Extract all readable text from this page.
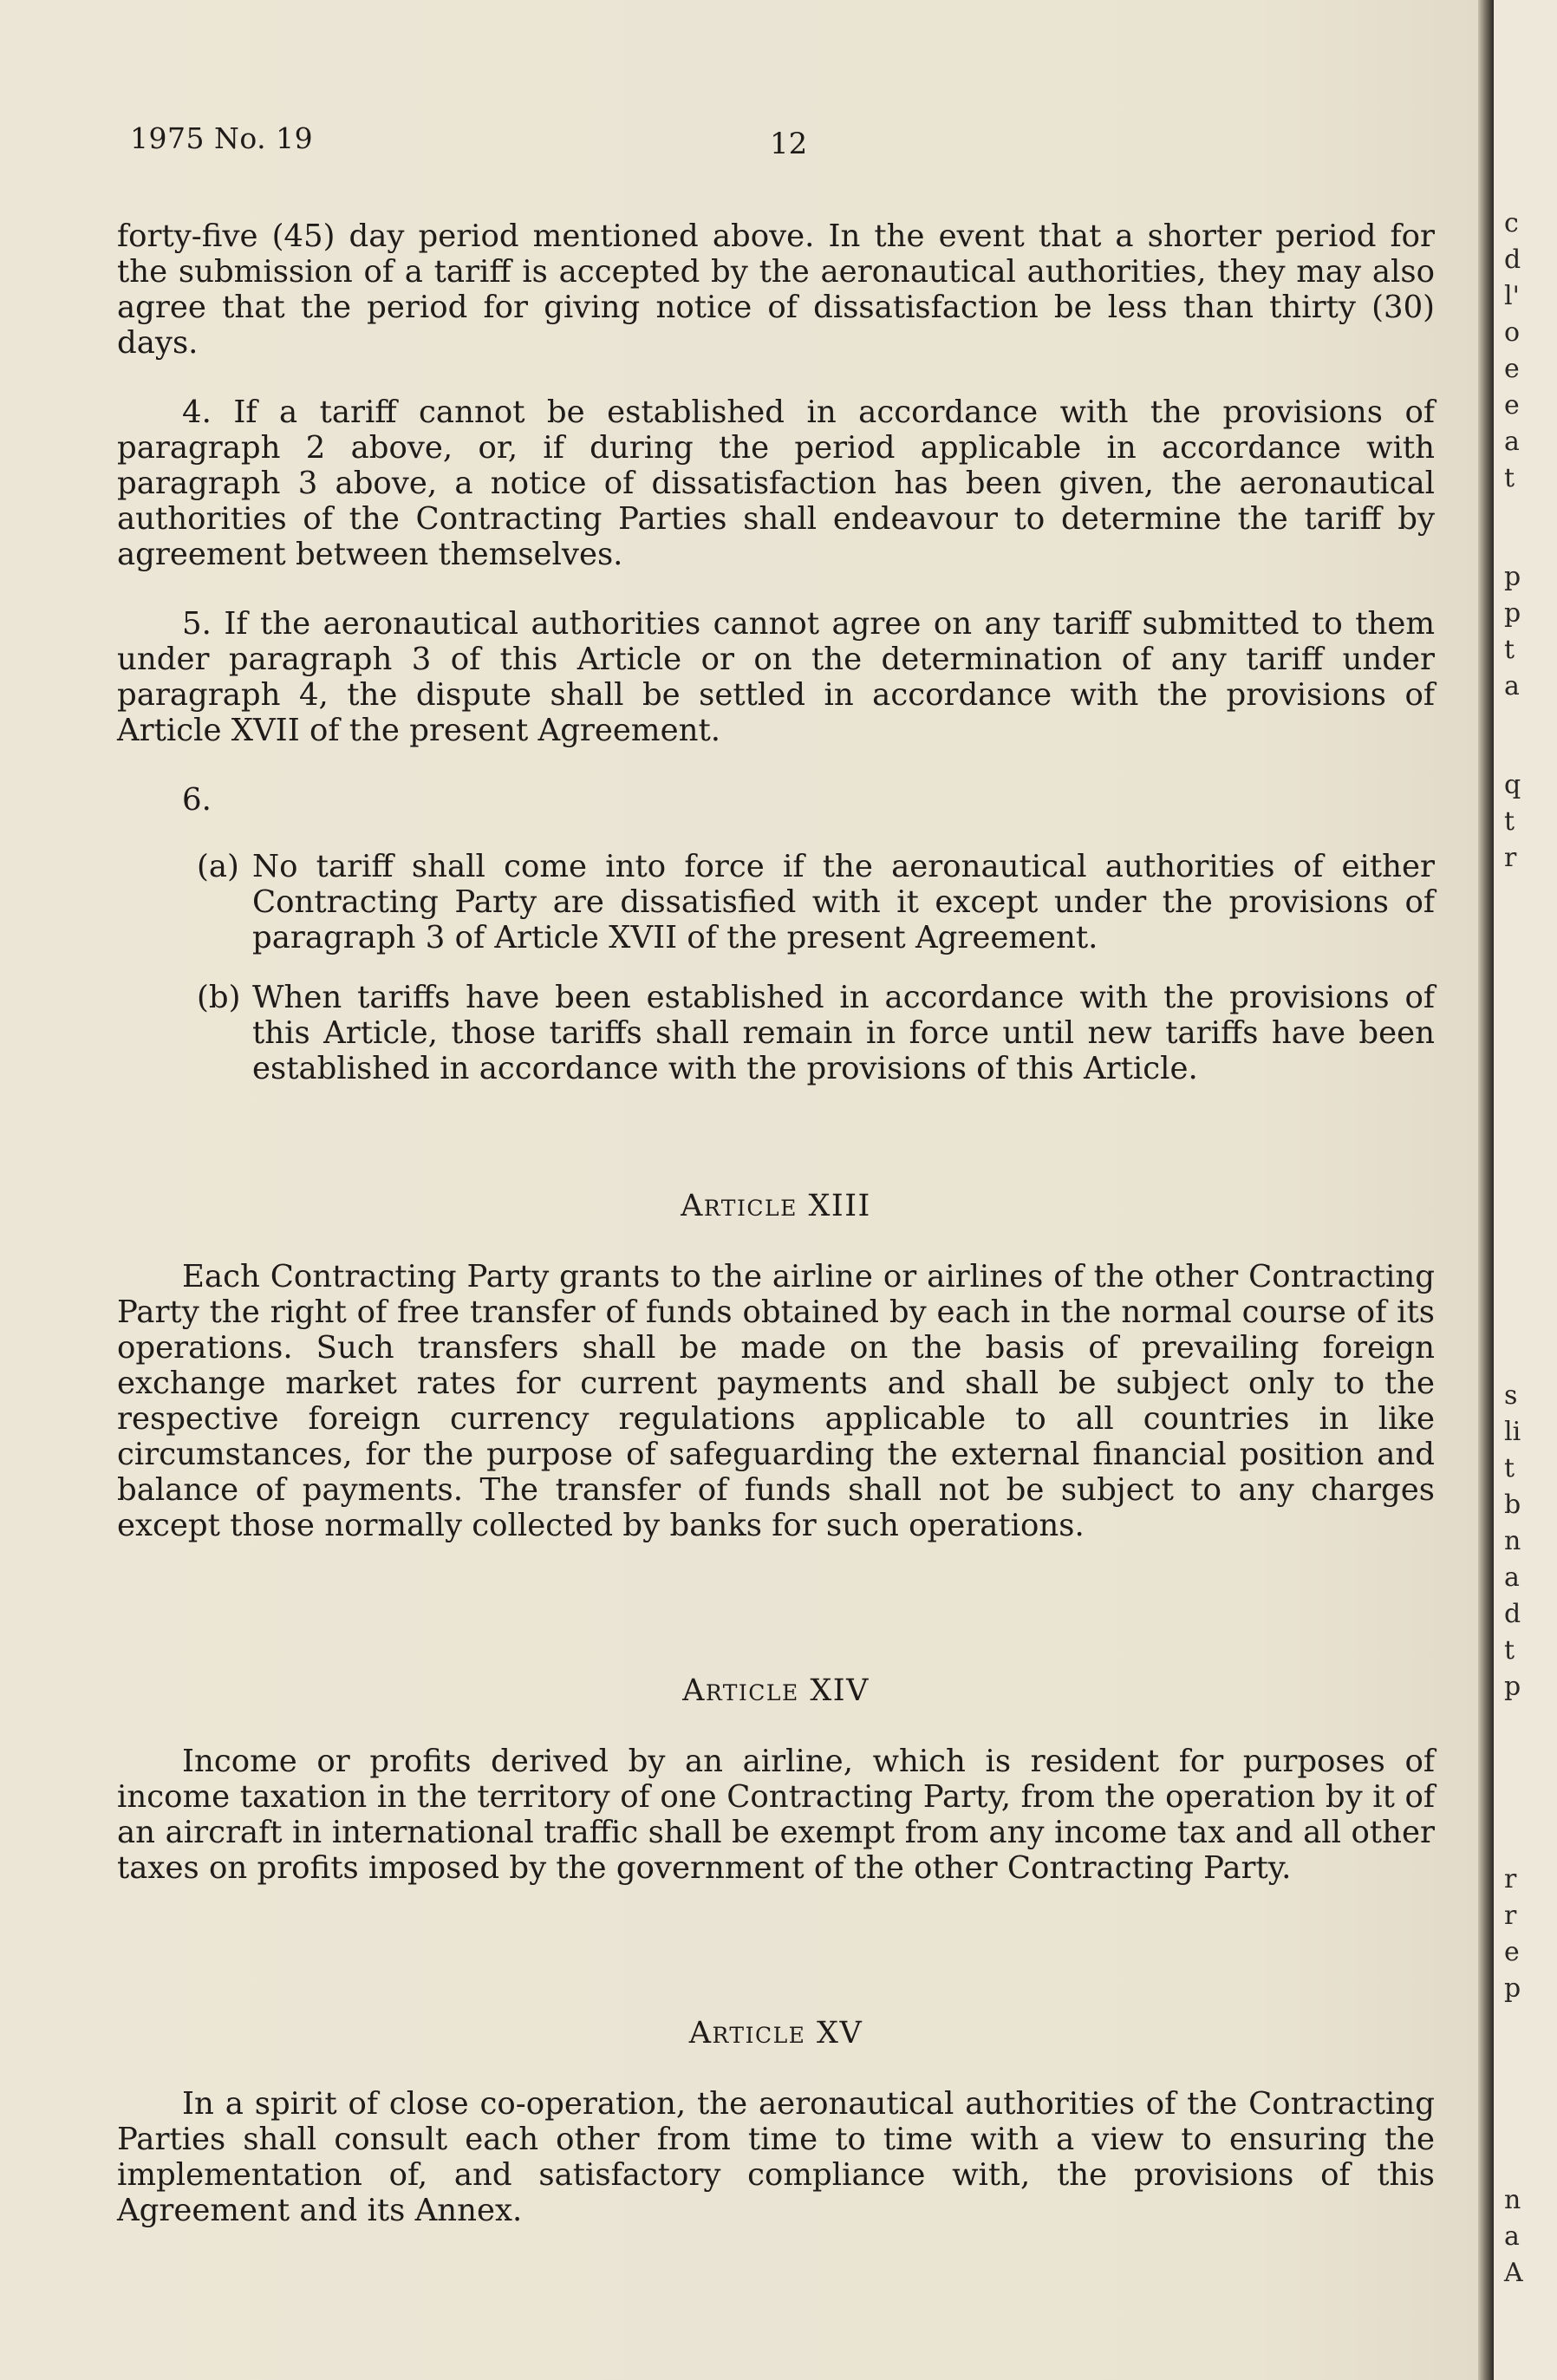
1975 No. 19	12

forty-five (45) day period mentioned above. In the event that a shorter period for the submission of a tariff is accepted by the aeronautical authorities, they may also agree that the period for giving notice of dissatisfaction be less than thirty (30) days.

4. If a tariff cannot be established in accordance with the provisions of paragraph 2 above, or, if during the period applicable in accordance with paragraph 3 above, a notice of dissatisfaction has been given, the aeronautical authorities of the Contracting Parties shall endeavour to determine the tariff by agreement between themselves.

5. If the aeronautical authorities cannot agree on any tariff submitted to them under paragraph 3 of this Article or on the determination of any tariff under paragraph 4, the dispute shall be settled in accordance with the provisions of Article XVII of the present Agreement.

6.

(a) No tariff shall come into force if the aeronautical authorities of either Contracting Party are dissatisfied with it except under the provisions of paragraph 3 of Article XVII of the present Agreement.
(b) When tariffs have been established in accordance with the provisions of this Article, those tariffs shall remain in force until new tariffs have been established in accordance with the provisions of this Article.
Article XIII

Each Contracting Party grants to the airline or airlines of the other Contracting Party the right of free transfer of funds obtained by each in the normal course of its operations. Such transfers shall be made on the basis of prevailing foreign exchange market rates for current payments and shall be subject only to the respective foreign currency regulations applicable to all countries in like circumstances, for the purpose of safeguarding the external financial position and balance of payments. The transfer of funds shall not be subject to any charges except those normally collected by banks for such operations.

Article XIV

Income or profits derived by an airline, which is resident for purposes of income taxation in the territory of one Contracting Party, from the operation by it of an aircraft in international traffic shall be exempt from any income tax and all other taxes on profits imposed by the government of the other Contracting Party.

Article XV

In a spirit of close co-operation, the aeronautical authorities of the Contracting Parties shall consult each other from time to time with a view to ensuring the implementation of, and satisfactory compliance with, the provisions of this Agreement and its Annex.

c
d
l'
o
e
e
a
t
p
p
t
a
q
t
r
s
li
t
b
n
a
d
t
p
r
r
e
p
n
a
A
